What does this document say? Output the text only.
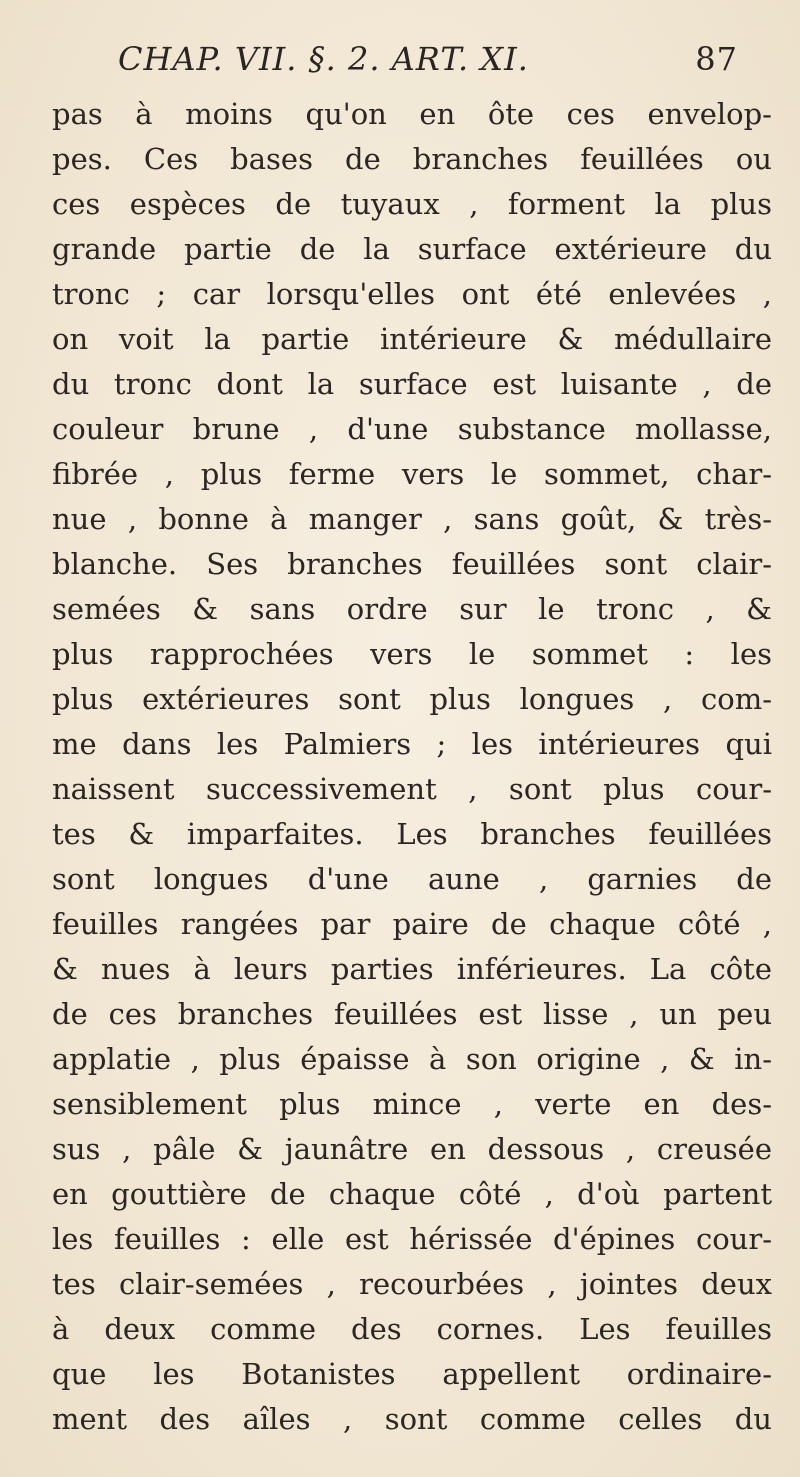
CHAP. VII. §. 2. ART. XI.	87
pas à moins qu'on en ôte ces envelop-
pes. Ces bases de branches feuillées ou
ces espèces de tuyaux , forment la plus
grande partie de la surface extérieure du
tronc ; car lorsqu'elles ont été enlevées ,
on voit la partie intérieure & médullaire
du tronc dont la surface est luisante , de
couleur brune , d'une substance mollasse,
fibrée , plus ferme vers le sommet, char-
nue , bonne à manger , sans goût, & très-
blanche. Ses branches feuillées sont clair-
semées & sans ordre sur le tronc , &
plus rapprochées vers le sommet : les
plus extérieures sont plus longues , com-
me dans les Palmiers ; les intérieures qui
naissent successivement , sont plus cour-
tes & imparfaites. Les branches feuillées
sont longues d'une aune , garnies de
feuilles rangées par paire de chaque côté ,
& nues à leurs parties inférieures. La côte
de ces branches feuillées est lisse , un peu
applatie , plus épaisse à son origine , & in-
sensiblement plus mince , verte en des-
sus , pâle & jaunâtre en dessous , creusée
en gouttière de chaque côté , d'où partent
les feuilles : elle est hérissée d'épines cour-
tes clair-semées , recourbées , jointes deux
à deux comme des cornes. Les feuilles
que les Botanistes appellent ordinaire-
ment des aîles , sont comme celles du
